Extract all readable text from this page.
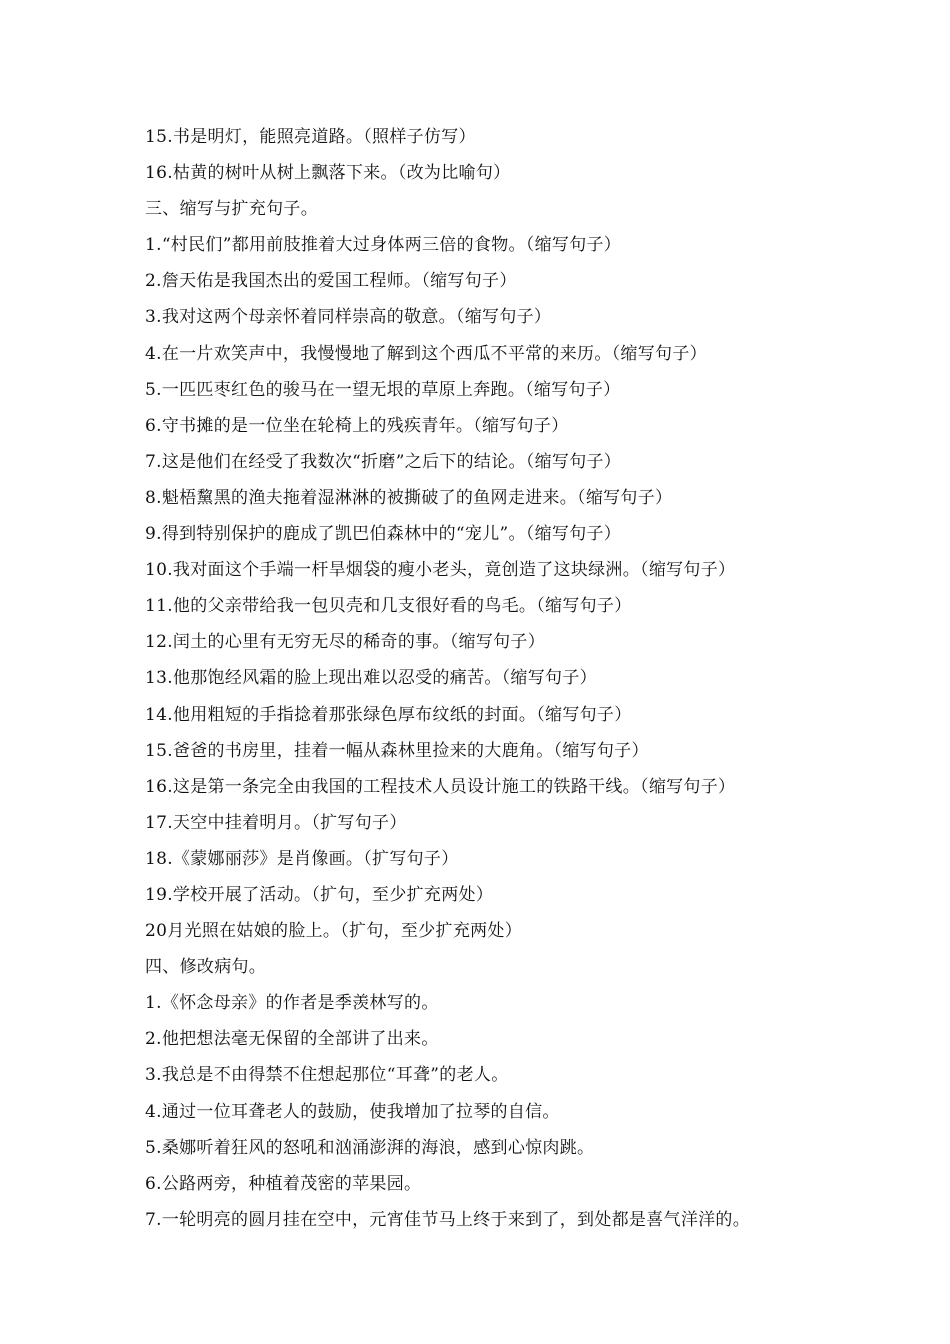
15.书是明灯，能照亮道路。（照样子仿写）
16.枯黄的树叶从树上飘落下来。（改为比喻句）
三、缩写与扩充句子。
1.“村民们”都用前肢推着大过身体两三倍的食物。（缩写句子）
2.詹天佑是我国杰出的爱国工程师。（缩写句子）
3.我对这两个母亲怀着同样崇高的敬意。（缩写句子）
4.在一片欢笑声中，我慢慢地了解到这个西瓜不平常的来历。（缩写句子）
5.一匹匹枣红色的骏马在一望无垠的草原上奔跑。（缩写句子）
6.守书摊的是一位坐在轮椅上的残疾青年。（缩写句子）
7.这是他们在经受了我数次“折磨”之后下的结论。（缩写句子）
8.魁梧黧黑的渔夫拖着湿淋淋的被撕破了的鱼网走进来。（缩写句子）
9.得到特别保护的鹿成了凯巴伯森林中的“宠儿”。（缩写句子）
10.我对面这个手端一杆旱烟袋的瘦小老头，竟创造了这块绿洲。（缩写句子）
11.他的父亲带给我一包贝壳和几支很好看的鸟毛。（缩写句子）
12.闰土的心里有无穷无尽的稀奇的事。（缩写句子）
13.他那饱经风霜的脸上现出难以忍受的痛苦。（缩写句子）
14.他用粗短的手指捻着那张绿色厚布纹纸的封面。（缩写句子）
15.爸爸的书房里，挂着一幅从森林里捡来的大鹿角。（缩写句子）
16.这是第一条完全由我国的工程技术人员设计施工的铁路干线。（缩写句子）
17.天空中挂着明月。（扩写句子）
18.《蒙娜丽莎》是肖像画。（扩写句子）
19.学校开展了活动。（扩句，至少扩充两处）
20月光照在姑娘的脸上。（扩句，至少扩充两处）
四、修改病句。
1.《怀念母亲》的作者是季羡林写的。
2.他把想法毫无保留的全部讲了出来。
3.我总是不由得禁不住想起那位“耳聋”的老人。
4.通过一位耳聋老人的鼓励，使我增加了拉琴的自信。
5.桑娜听着狂风的怒吼和汹涌澎湃的海浪，感到心惊肉跳。
6.公路两旁，种植着茂密的苹果园。
7.一轮明亮的圆月挂在空中，元宵佳节马上终于来到了，到处都是喜气洋洋的。
